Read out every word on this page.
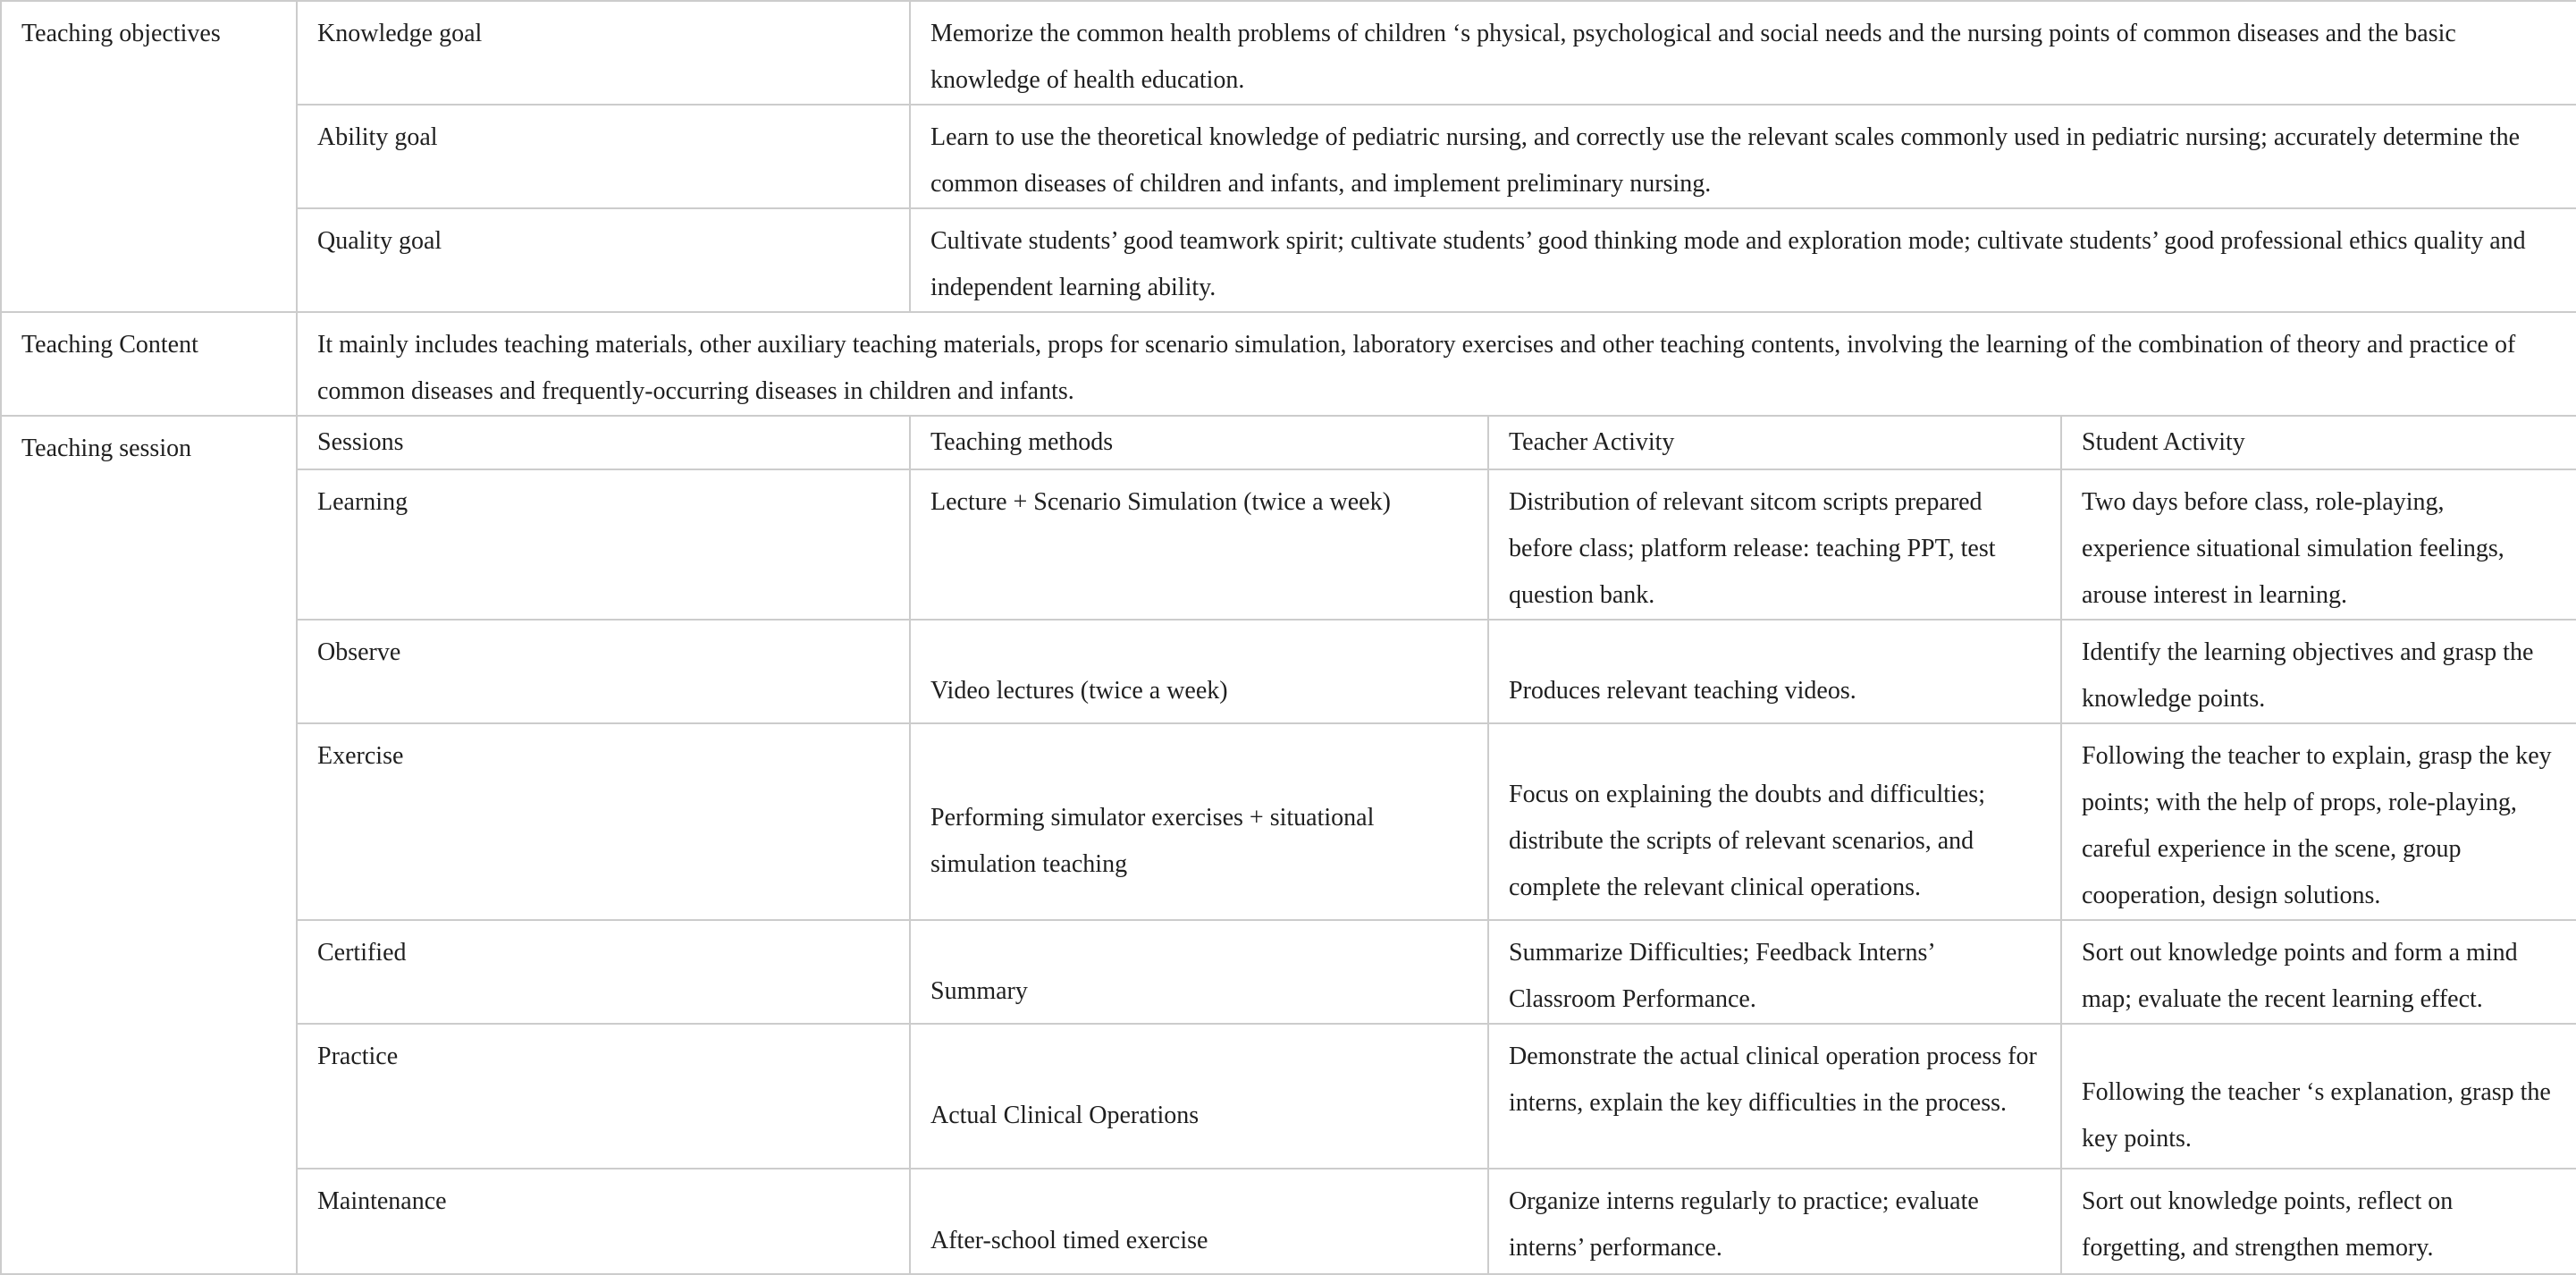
Teaching objectives	Knowledge goal	Memorize the common health problems of children ‘s physical, psychological and social needs and the nursing points of common diseases and the basic knowledge of health education.		
	Ability goal	Learn to use the theoretical knowledge of pediatric nursing, and correctly use the relevant scales commonly used in pediatric nursing; accurately determine the common diseases of children and infants, and implement preliminary nursing.		
	Quality goal	Cultivate students’ good teamwork spirit; cultivate students’ good thinking mode and exploration mode; cultivate students’ good professional ethics quality and independent learning ability.		
Teaching Content	It mainly includes teaching materials, other auxiliary teaching materials, props for scenario simulation, laboratory exercises and other teaching contents, involving the learning of the combination of theory and practice of common diseases and frequently-occurring diseases in children and infants.			
Teaching session	Sessions	Teaching methods	Teacher Activity	Student Activity
	Learning	Lecture + Scenario Simulation (twice a week)	Distribution of relevant sitcom scripts prepared before class; platform release: teaching PPT, test question bank.	Two days before class, role-playing, experience situational simulation feelings, arouse interest in learning.
	Observe	Video lectures (twice a week)	Produces relevant teaching videos.	Identify the learning objectives and grasp the knowledge points.
	Exercise	Performing simulator exercises + situational simulation teaching	Focus on explaining the doubts and difficulties; distribute the scripts of relevant scenarios, and complete the relevant clinical operations.	Following the teacher to explain, grasp the key points; with the help of props, role-playing, careful experience in the scene, group cooperation, design solutions.
	Certified	Summary	Summarize Difficulties; Feedback Interns’ Classroom Performance.	Sort out knowledge points and form a mind map; evaluate the recent learning effect.
	Practice	Actual Clinical Operations	Demonstrate the actual clinical operation process for interns, explain the key difficulties in the process.	Following the teacher ‘s explanation, grasp the key points.
	Maintenance	After-school timed exercise	Organize interns regularly to practice; evaluate interns’ performance.	Sort out knowledge points, reflect on forgetting, and strengthen memory.
